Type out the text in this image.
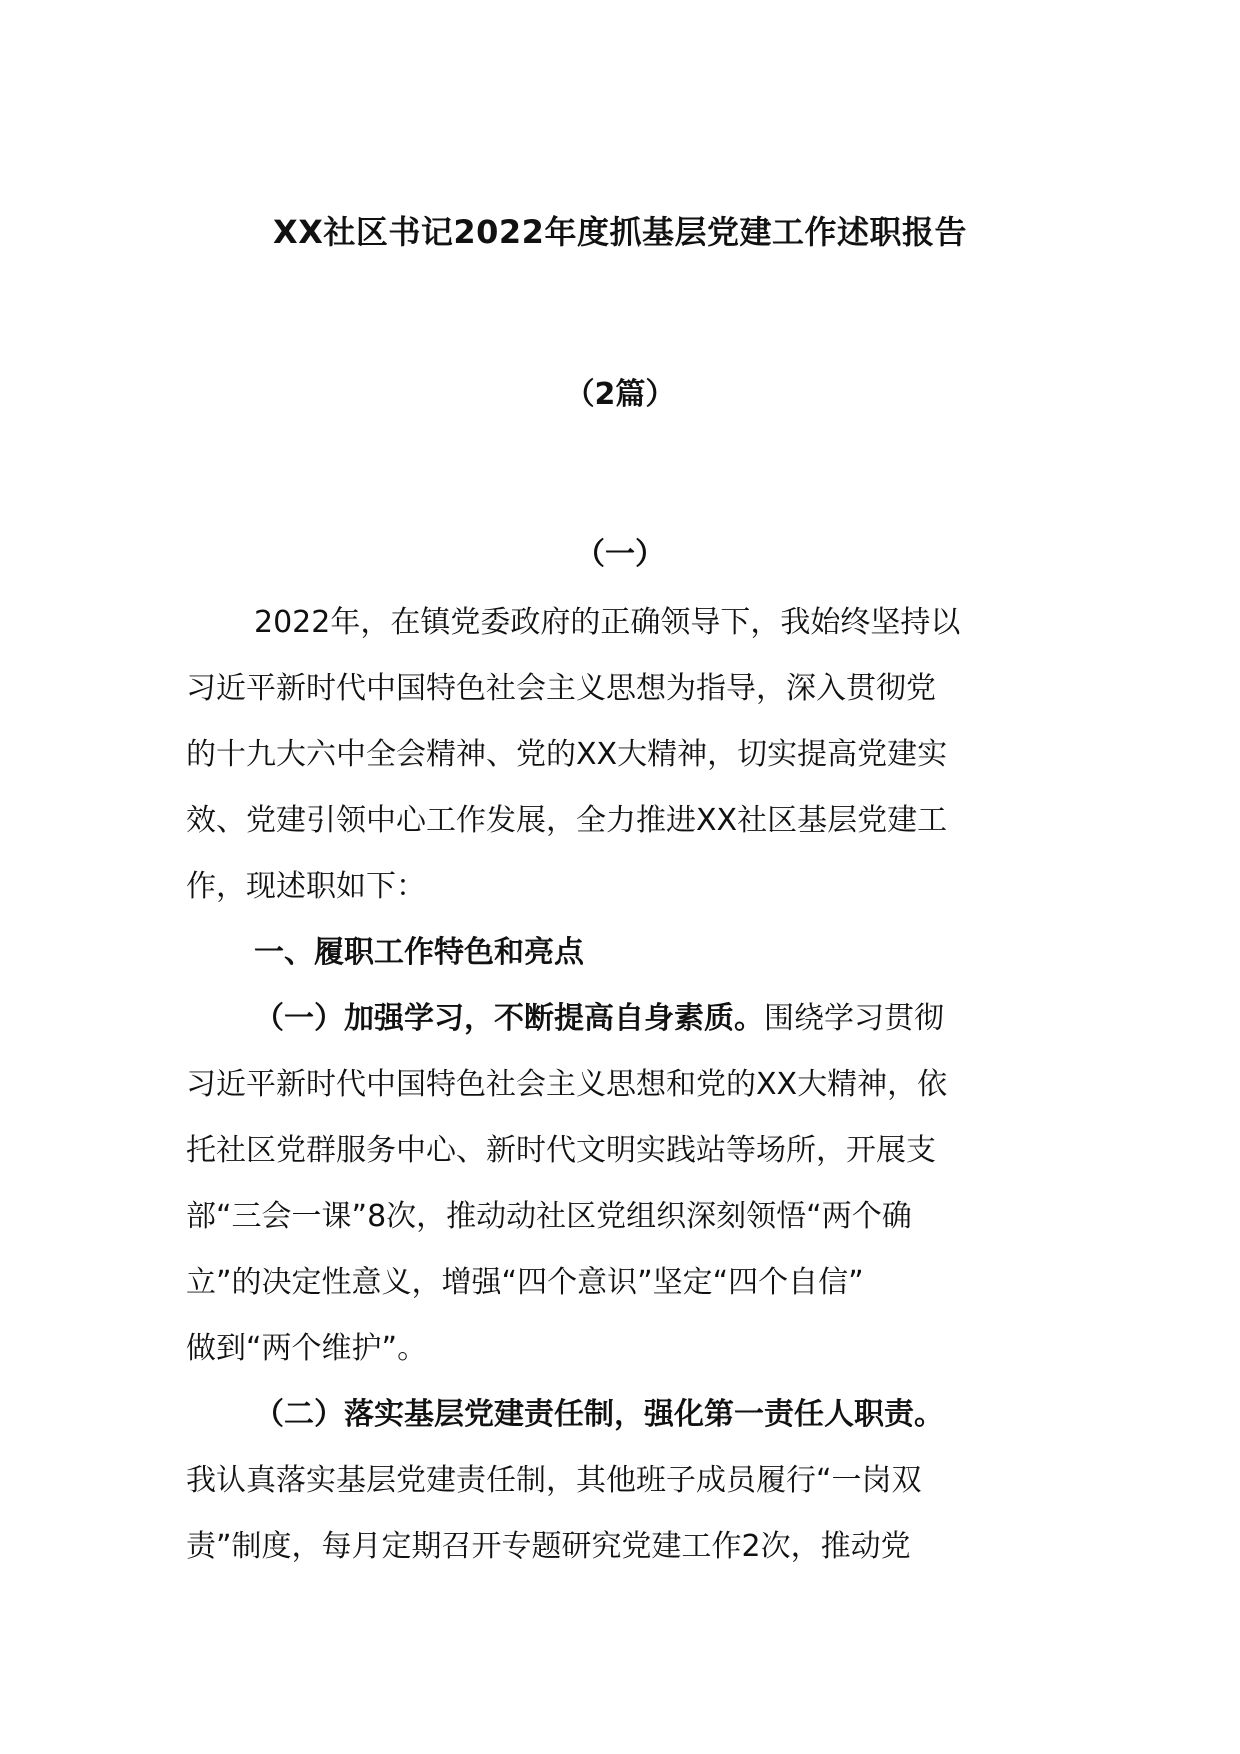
XX社区书记2022年度抓基层党建工作述职报告
（2篇）
（一）
2022年，在镇党委政府的正确领导下，我始终坚持以
习近平新时代中国特色社会主义思想为指导，深入贯彻党
的十九大六中全会精神、党的XX大精神，切实提高党建实
效、党建引领中心工作发展，全力推进XX社区基层党建工
作，现述职如下：
一、履职工作特色和亮点
（一）加强学习，不断提高自身素质。围绕学习贯彻
习近平新时代中国特色社会主义思想和党的XX大精神，依
托社区党群服务中心、新时代文明实践站等场所，开展支
部“三会一课”8次，推动动社区党组织深刻领悟“两个确
立”的决定性意义，增强“四个意识”坚定“四个自信”
做到“两个维护”。
（二）落实基层党建责任制，强化第一责任人职责。
我认真落实基层党建责任制，其他班子成员履行“一岗双
责”制度，每月定期召开专题研究党建工作2次，推动党
